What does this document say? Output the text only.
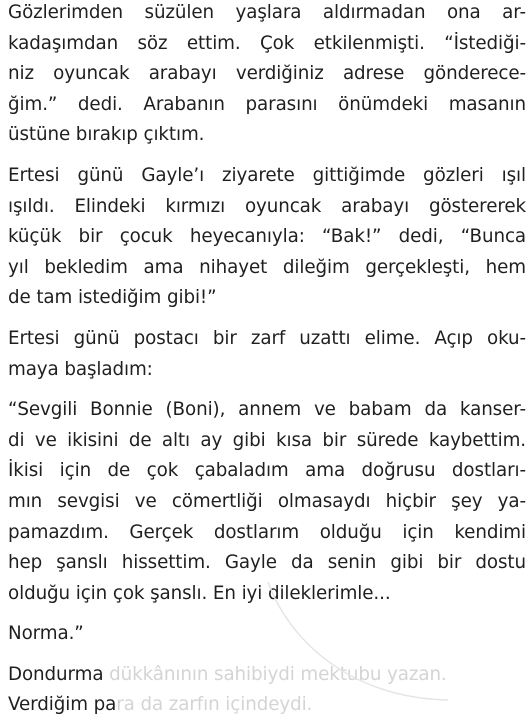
Gözlerimden süzülen yaşlara aldırmadan ona ar-
kadaşımdan söz ettim. Çok etkilenmişti. “İstediği-
niz oyuncak arabayı verdiğiniz adrese gönderece-
ğim.” dedi. Arabanın parasını önümdeki masanın
üstüne bırakıp çıktım.

Ertesi günü Gayle’ı ziyarete gittiğimde gözleri ışıl
ışıldı. Elindeki kırmızı oyuncak arabayı göstererek
küçük bir çocuk heyecanıyla: “Bak!” dedi, “Bunca
yıl bekledim ama nihayet dileğim gerçekleşti, hem
de tam istediğim gibi!”

Ertesi günü postacı bir zarf uzattı elime. Açıp oku-
maya başladım:

“Sevgili Bonnie (Boni), annem ve babam da kanser-
di ve ikisini de altı ay gibi kısa bir sürede kaybettim.
İkisi için de çok çabaladım ama doğrusu dostları-
mın sevgisi ve cömertliği olmasaydı hiçbir şey ya-
pamazdım. Gerçek dostlarım olduğu için kendimi
hep şanslı hissettim. Gayle da senin gibi bir dostu
olduğu için çok şanslı. En iyi dileklerimle...

Norma.”

Dondurma dükkânının sahibiydi mektubu yazan.
Verdiğim para da zarfın içindeydi.
